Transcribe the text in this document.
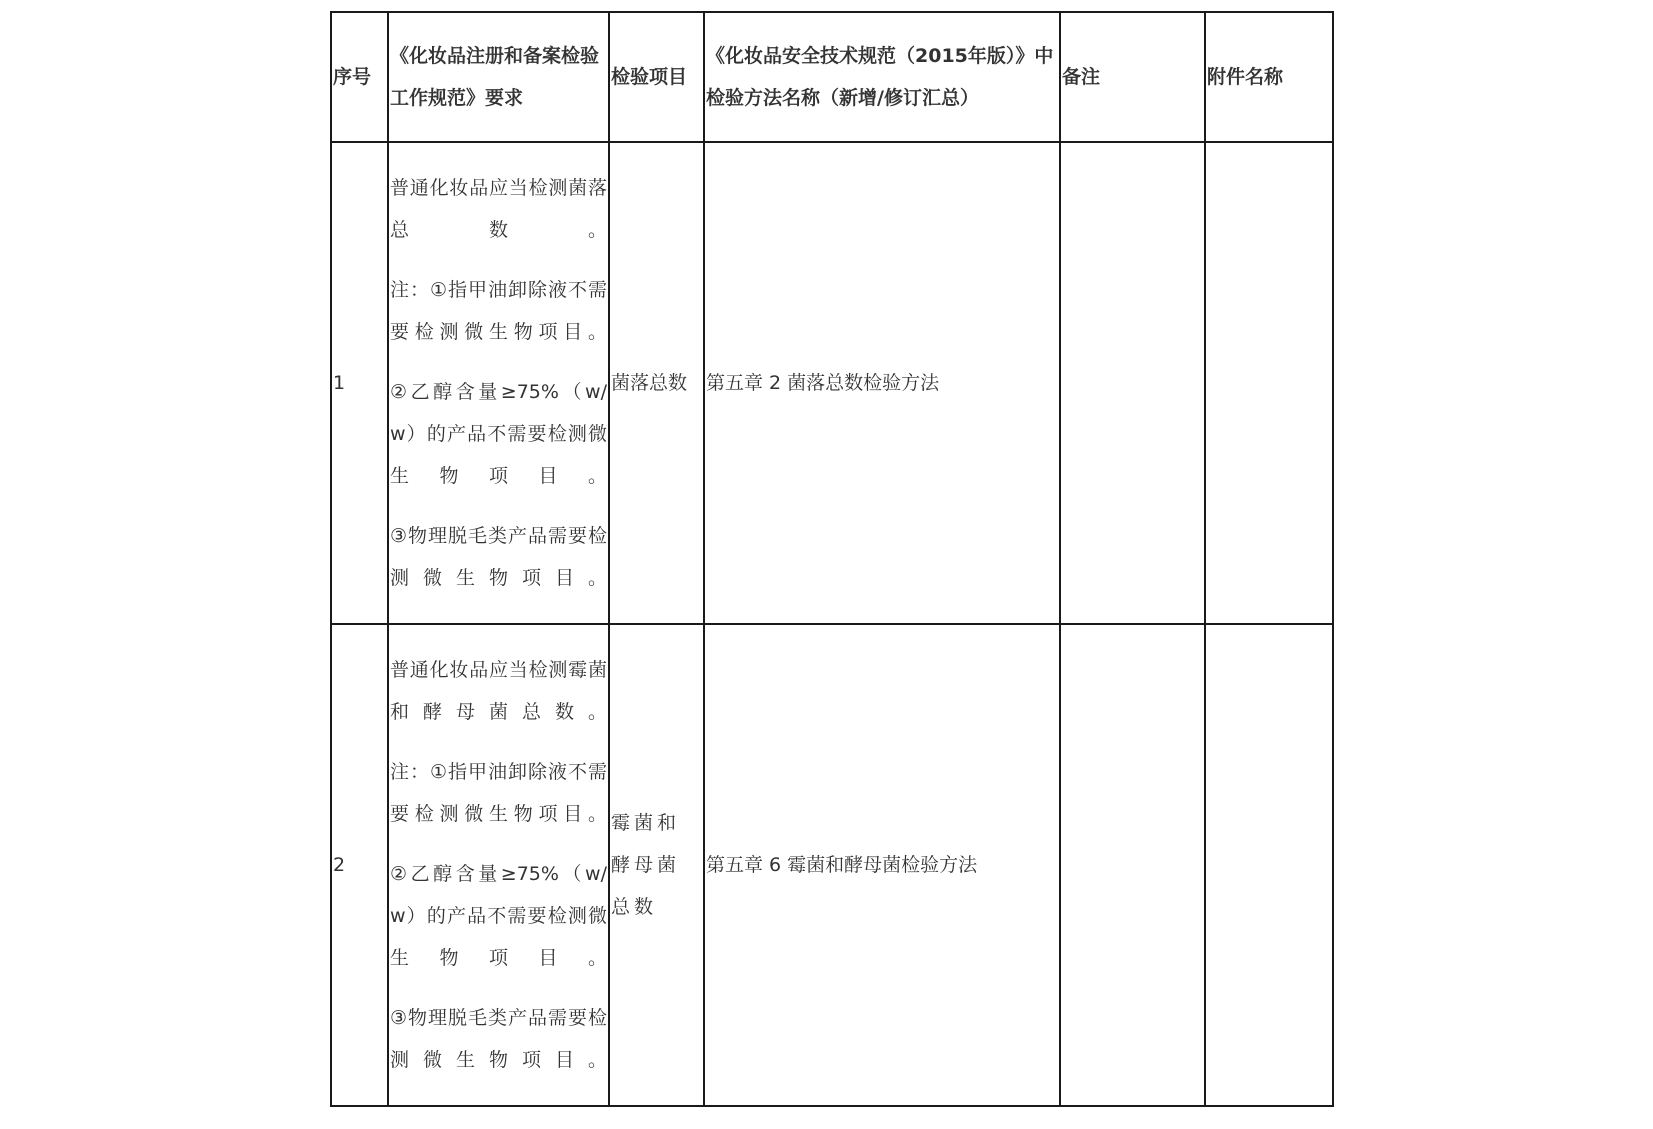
序号	《化妆品注册和备案检验工作规范》要求	检验项目	《化妆品安全技术规范（2015年版）》中检验方法名称（新增/修订汇总）	备注	附件名称
1	普通化妆品应当检测菌落总数。

注：①指甲油卸除液不需要检测微生物项目。

②乙醇含量≥75%（w/w）的产品不需要检测微生物项目。

③物理脱毛类产品需要检测微生物项目。	菌落总数	第五章 2 菌落总数检验方法		
2	普通化妆品应当检测霉菌和酵母菌总数。

注：①指甲油卸除液不需要检测微生物项目。

②乙醇含量≥75%（w/w）的产品不需要检测微生物项目。

③物理脱毛类产品需要检测微生物项目。	霉菌和酵母菌总数	第五章 6 霉菌和酵母菌检验方法		
